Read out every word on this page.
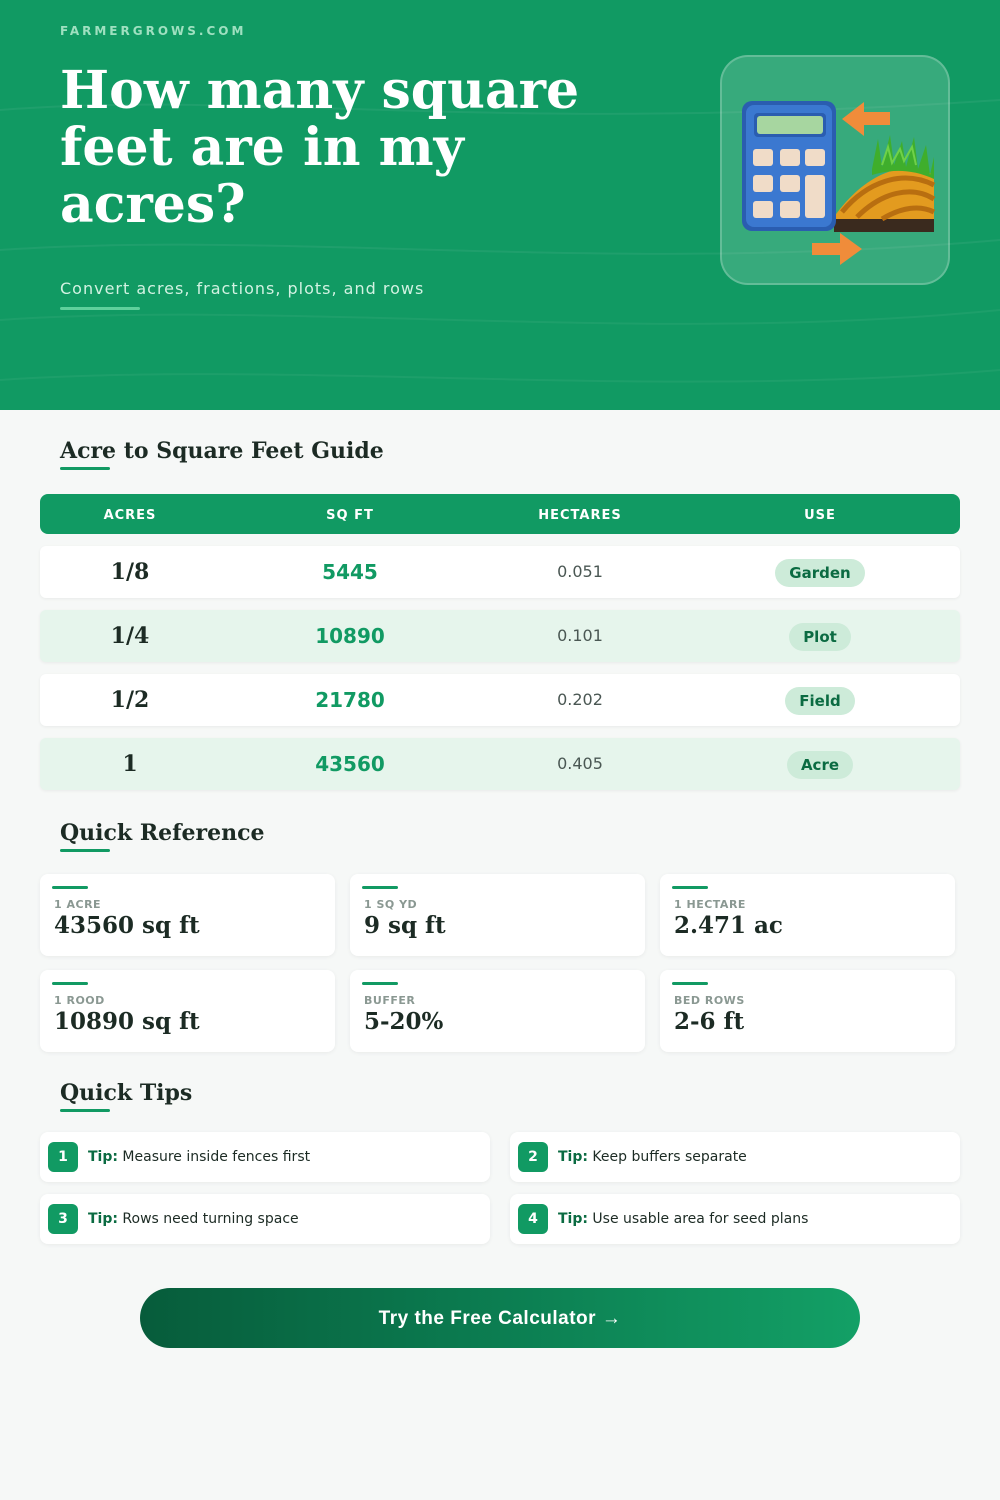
FARMERGROWS.COM
How many square feet are in my acres?
Convert acres, fractions, plots, and rows
Acre to Square Feet Guide
ACRES	SQ FT	HECTARES	USE
1/8	5445	0.051	Garden
1/4	10890	0.101	Plot
1/2	21780	0.202	Field
1	43560	0.405	Acre
Quick Reference
1 ACRE
43560 sq ft
1 SQ YD
9 sq ft
1 HECTARE
2.471 ac
1 ROOD
10890 sq ft
BUFFER
5-20%
BED ROWS
2-6 ft
Quick Tips
1	Tip: Measure inside fences first	2	Tip: Keep buffers separate
3	Tip: Rows need turning space	4	Tip: Use usable area for seed plans
Try the Free Calculator →
